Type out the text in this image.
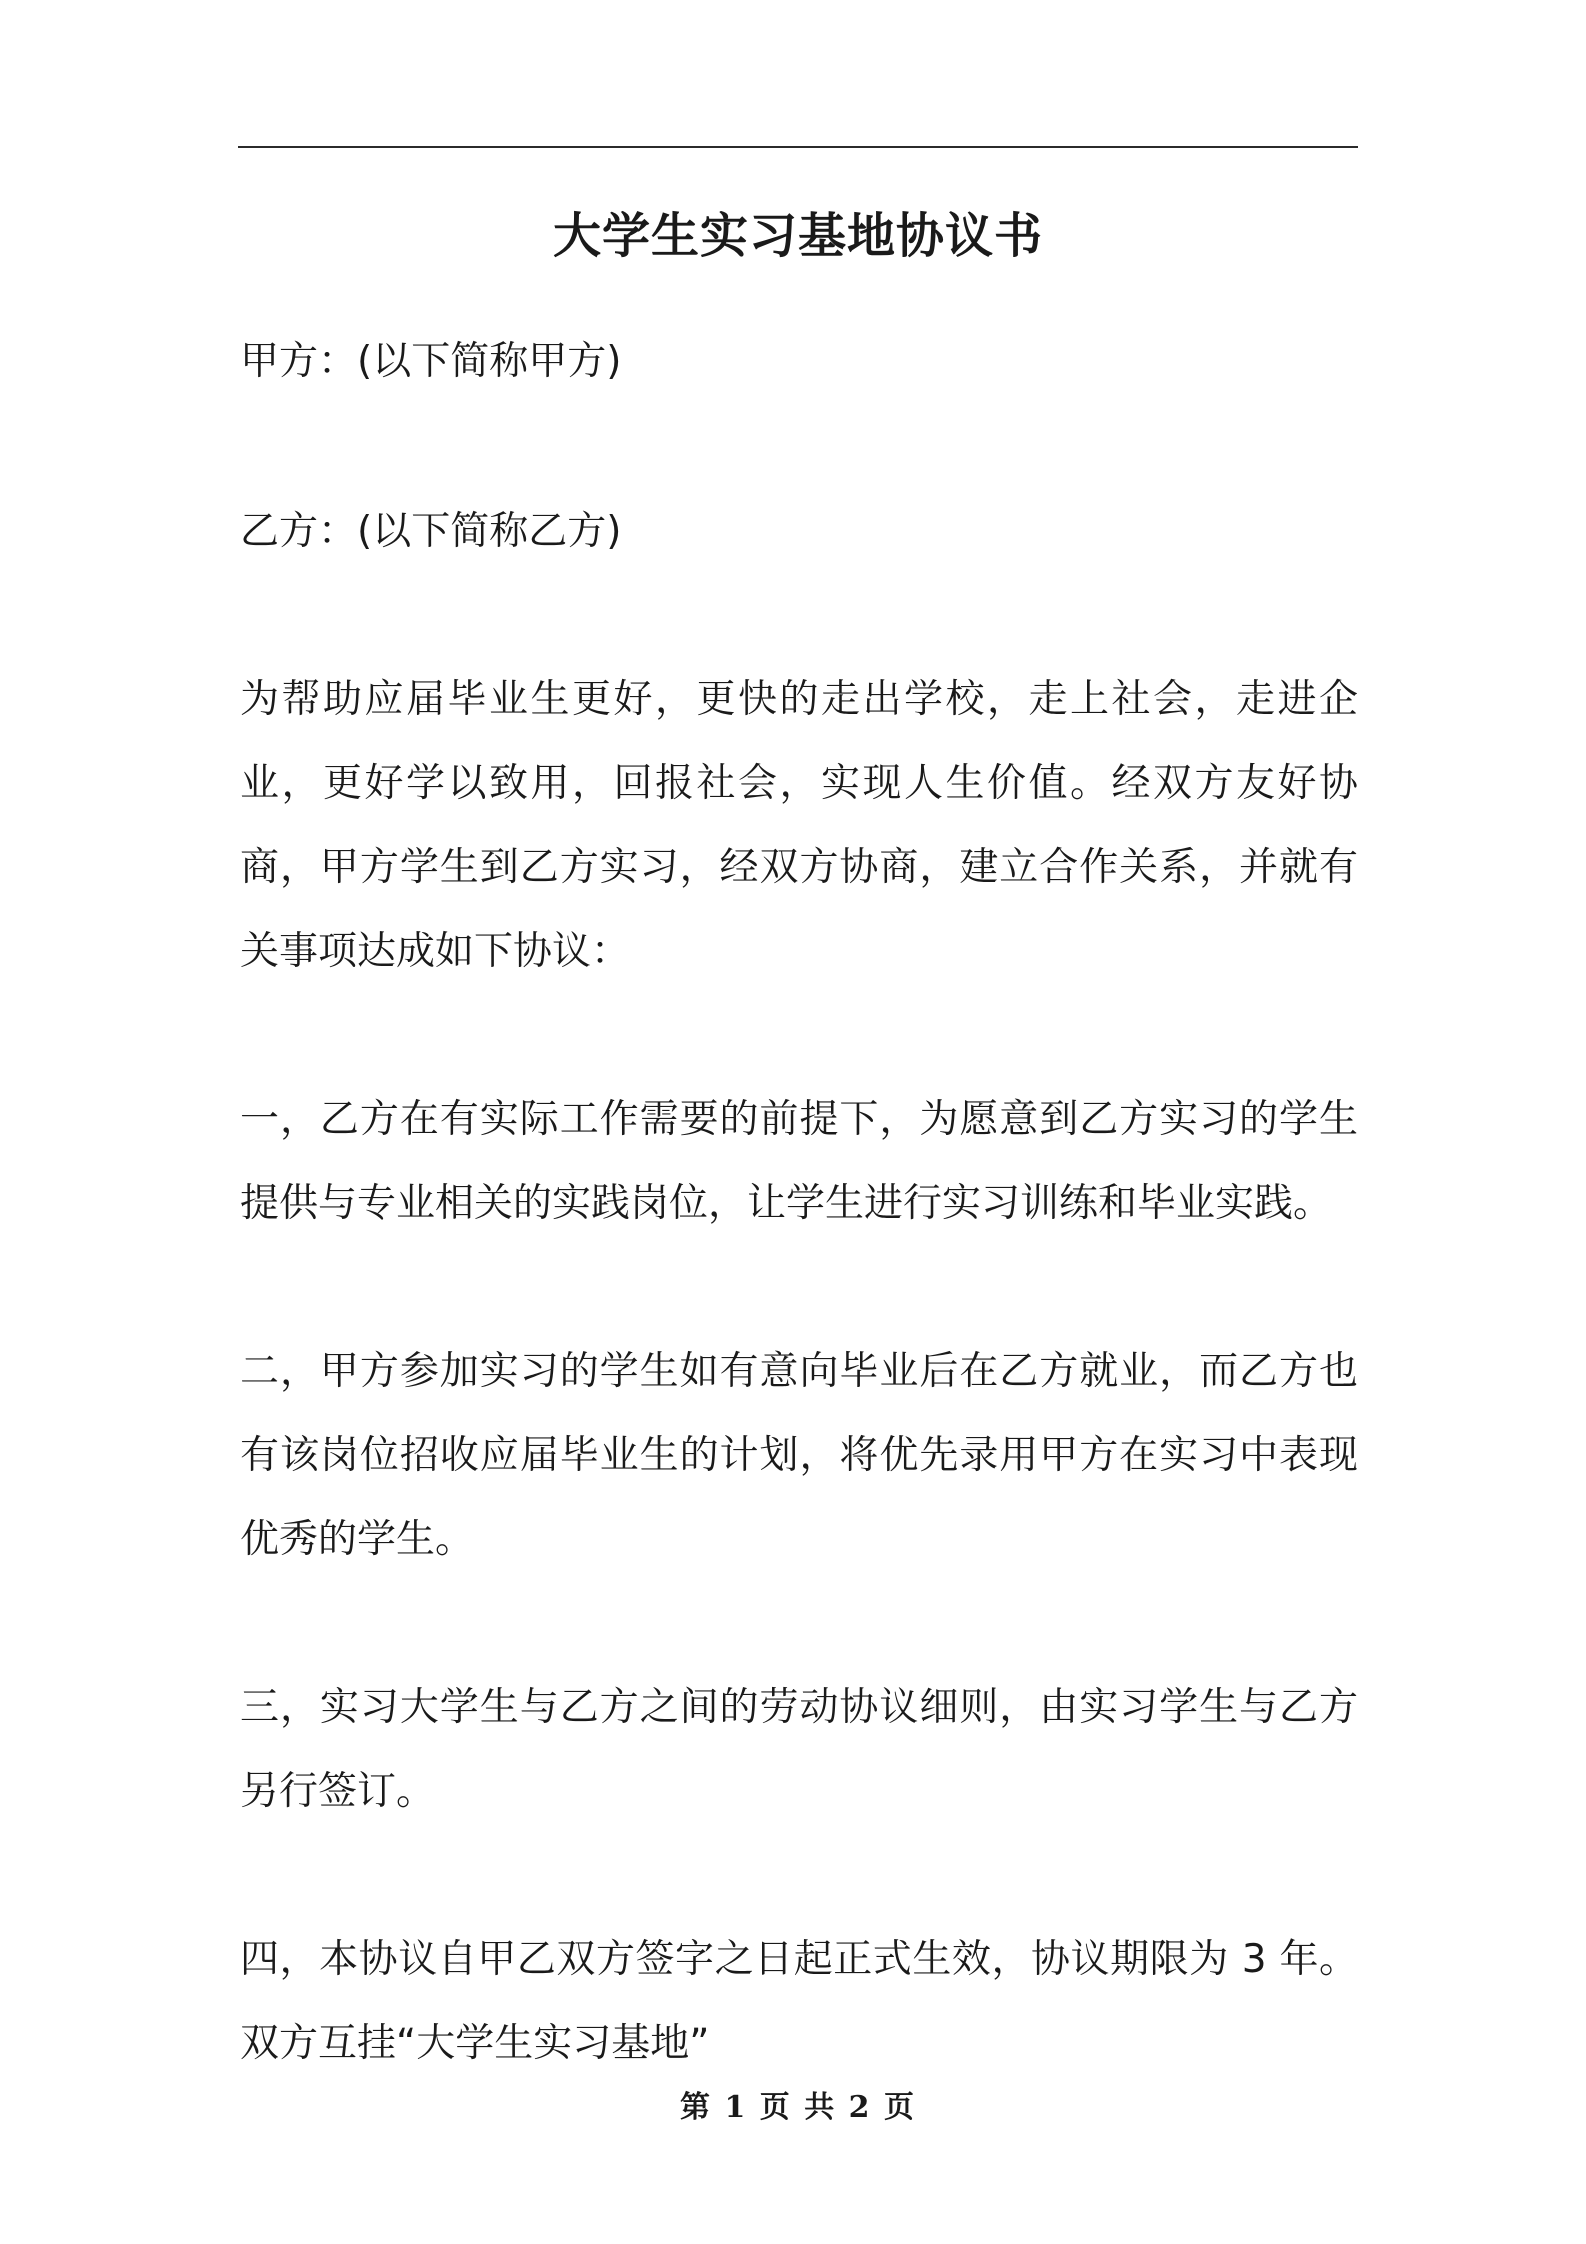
大学生实习基地协议书

甲方：(以下简称甲方)

乙方：(以下简称乙方)

为帮助应届毕业生更好，更快的走出学校，走上社会，走进企业，更好学以致用，回报社会，实现人生价值。经双方友好协商，甲方学生到乙方实习，经双方协商，建立合作关系，并就有关事项达成如下协议：

一，乙方在有实际工作需要的前提下，为愿意到乙方实习的学生提供与专业相关的实践岗位，让学生进行实习训练和毕业实践。

二，甲方参加实习的学生如有意向毕业后在乙方就业，而乙方也有该岗位招收应届毕业生的计划，将优先录用甲方在实习中表现优秀的学生。

三，实习大学生与乙方之间的劳动协议细则，由实习学生与乙方另行签订。

四，本协议自甲乙双方签字之日起正式生效，协议期限为 3 年。双方互挂“大学生实习基地”

第 1 页 共 2 页
